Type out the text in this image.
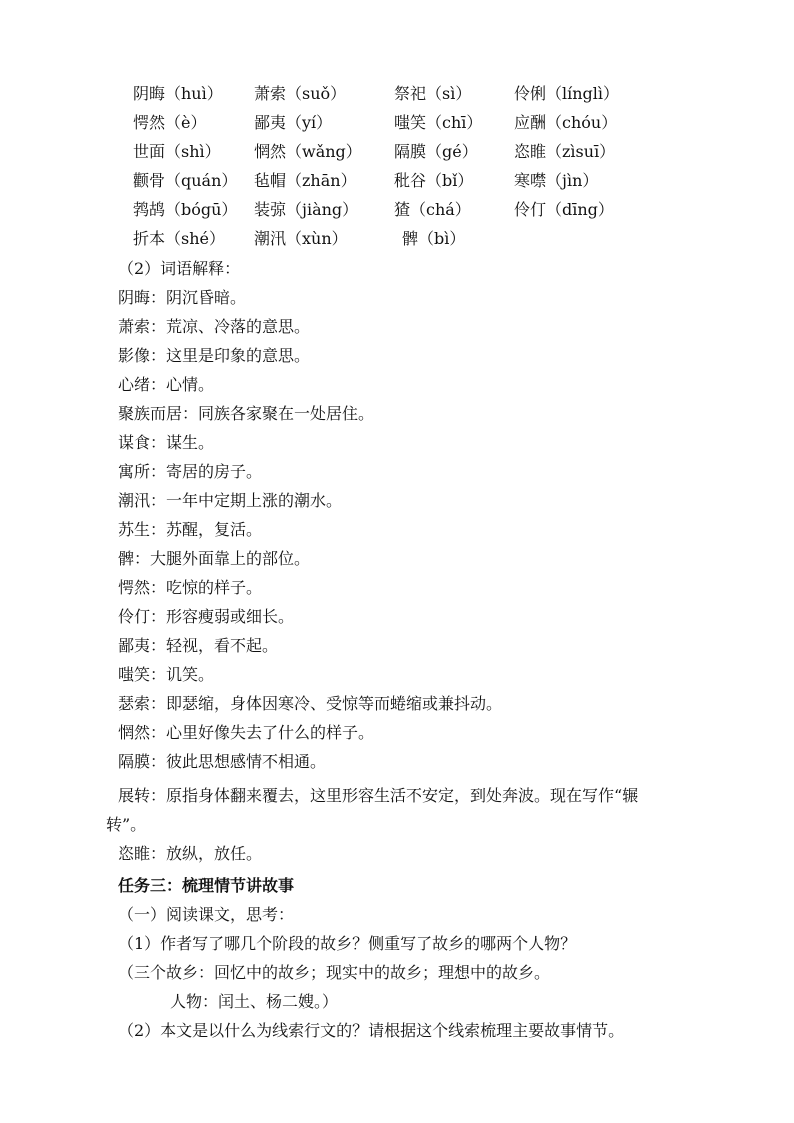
阴晦（huì） 萧索（suǒ）	祭祀（sì）	伶俐（línglì）
愕然（è）	鄙夷（yí）	嗤笑（chī） 应酬（chóu）
世面（shì） 惘然（wǎng） 隔膜（gé） 恣睢（zìsuī）
颧骨（quán） 毡帽（zhān） 秕谷（bǐ）	寒噤（jìn）
鹁鸪（bógū） 装弶（jiàng） 猹（chá）	伶仃（dīng）
折本（shé） 潮汛（xùn）	髀（bì）
（2）词语解释：
阴晦：阴沉昏暗。
萧索：荒凉、冷落的意思。
影像：这里是印象的意思。
心绪：心情。
聚族而居：同族各家聚在一处居住。
谋食：谋生。
寓所：寄居的房子。
潮汛：一年中定期上涨的潮水。
苏生：苏醒，复活。
髀：大腿外面靠上的部位。
愕然：吃惊的样子。
伶仃：形容瘦弱或细长。
鄙夷：轻视，看不起。
嗤笑：讥笑。
瑟索：即瑟缩，身体因寒冷、受惊等而蜷缩或兼抖动。
惘然：心里好像失去了什么的样子。
隔膜：彼此思想感情不相通。
展转：原指身体翻来覆去，这里形容生活不安定，到处奔波。现在写作“辗
转”。
恣睢：放纵，放任。
任务三：梳理情节讲故事
（一）阅读课文，思考：
（1）作者写了哪几个阶段的故乡？侧重写了故乡的哪两个人物？
（三个故乡：回忆中的故乡；现实中的故乡；理想中的故乡。
人物：闰土、杨二嫂。）
（2）本文是以什么为线索行文的？请根据这个线索梳理主要故事情节。
